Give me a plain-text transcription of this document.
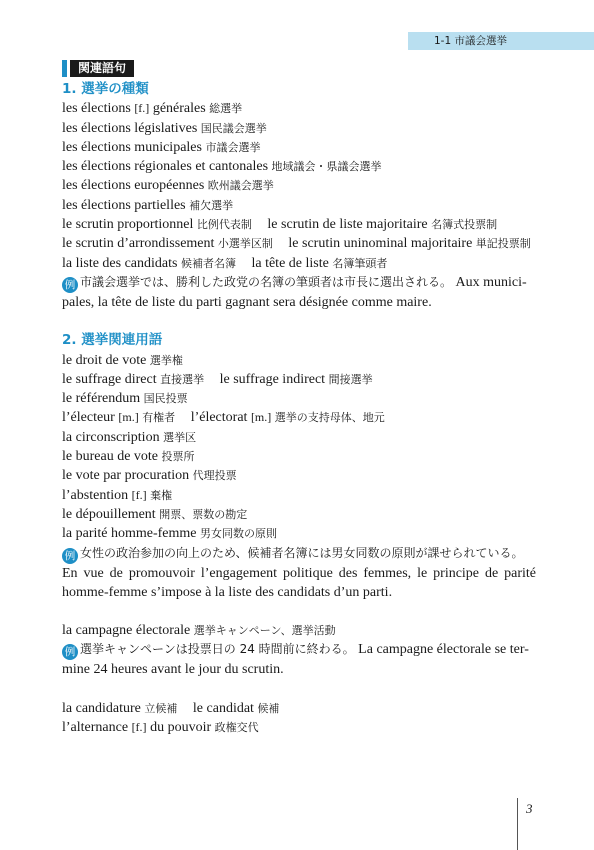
1-1 市議会選挙
関連語句
1. 選挙の種類
les élections [f.] générales 総選挙
les élections législatives 国民議会選挙
les élections municipales 市議会選挙
les élections régionales et cantonales 地域議会・県議会選挙
les élections européennes 欧州議会選挙
les élections partielles 補欠選挙
le scrutin proportionnel 比例代表制 le scrutin de liste majoritaire 名簿式投票制
le scrutin d’arrondissement 小選挙区制 le scrutin uninominal majoritaire 単記投票制
la liste des candidats 候補者名簿 la tête de liste 名簿筆頭者
例 市議会選挙では、勝利した政党の名簿の筆頭者は市長に選出される。 Aux munici-
pales, la tête de liste du parti gagnant sera désignée comme maire.
2. 選挙関連用語
le droit de vote 選挙権
le suffrage direct 直接選挙 le suffrage indirect 間接選挙
le référendum 国民投票
l’électeur [m.] 有権者 l’électorat [m.] 選挙の支持母体、地元
la circonscription 選挙区
le bureau de vote 投票所
le vote par procuration 代理投票
l’abstention [f.] 棄権
le dépouillement 開票、票数の勘定
la parité homme-femme 男女同数の原則
例 女性の政治参加の向上のため、候補者名簿には男女同数の原則が課せられている。
En vue de promouvoir l’engagement politique des femmes, le principe de parité homme-femme s’impose à la liste des candidats d’un parti.
la campagne électorale 選挙キャンペーン、選挙活動
例 選挙キャンペーンは投票日の 24 時間前に終わる。 La campagne électorale se ter-
mine 24 heures avant le jour du scrutin.
la candidature 立候補 le candidat 候補
l’alternance [f.] du pouvoir 政権交代
3
